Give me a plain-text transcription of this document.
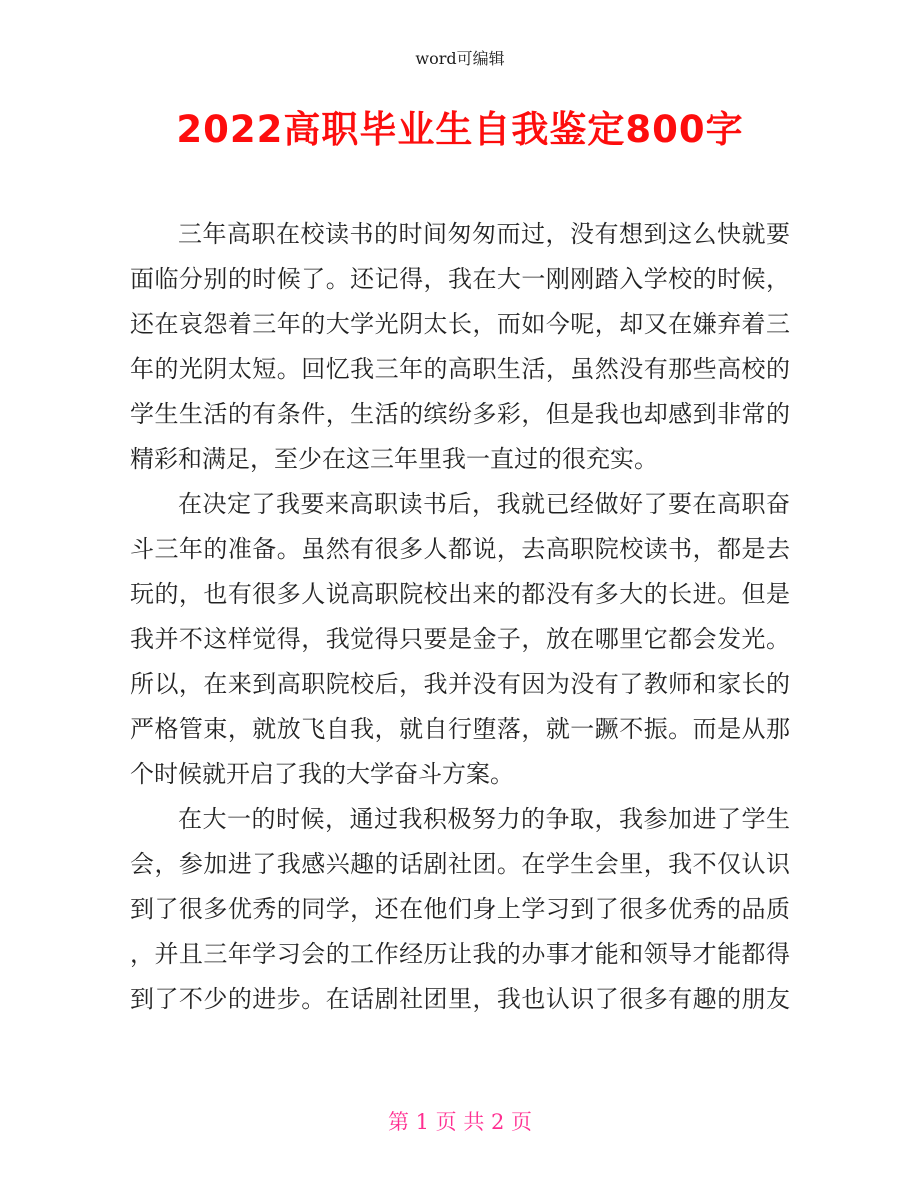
word可编辑
2022高职毕业生自我鉴定800字
三年高职在校读书的时间匆匆而过，没有想到这么快就要
面临分别的时候了。还记得，我在大一刚刚踏入学校的时候，
还在哀怨着三年的大学光阴太长，而如今呢，却又在嫌弃着三
年的光阴太短。回忆我三年的高职生活，虽然没有那些高校的
学生生活的有条件，生活的缤纷多彩，但是我也却感到非常的
精彩和满足，至少在这三年里我一直过的很充实。
在决定了我要来高职读书后，我就已经做好了要在高职奋
斗三年的准备。虽然有很多人都说，去高职院校读书，都是去
玩的，也有很多人说高职院校出来的都没有多大的长进。但是
我并不这样觉得，我觉得只要是金子，放在哪里它都会发光。
所以，在来到高职院校后，我并没有因为没有了教师和家长的
严格管束，就放飞自我，就自行堕落，就一蹶不振。而是从那
个时候就开启了我的大学奋斗方案。
在大一的时候，通过我积极努力的争取，我参加进了学生
会，参加进了我感兴趣的话剧社团。在学生会里，我不仅认识
到了很多优秀的同学，还在他们身上学习到了很多优秀的品质
，并且三年学习会的工作经历让我的办事才能和领导才能都得
到了不少的进步。在话剧社团里，我也认识了很多有趣的朋友
第 1 页 共 2 页
